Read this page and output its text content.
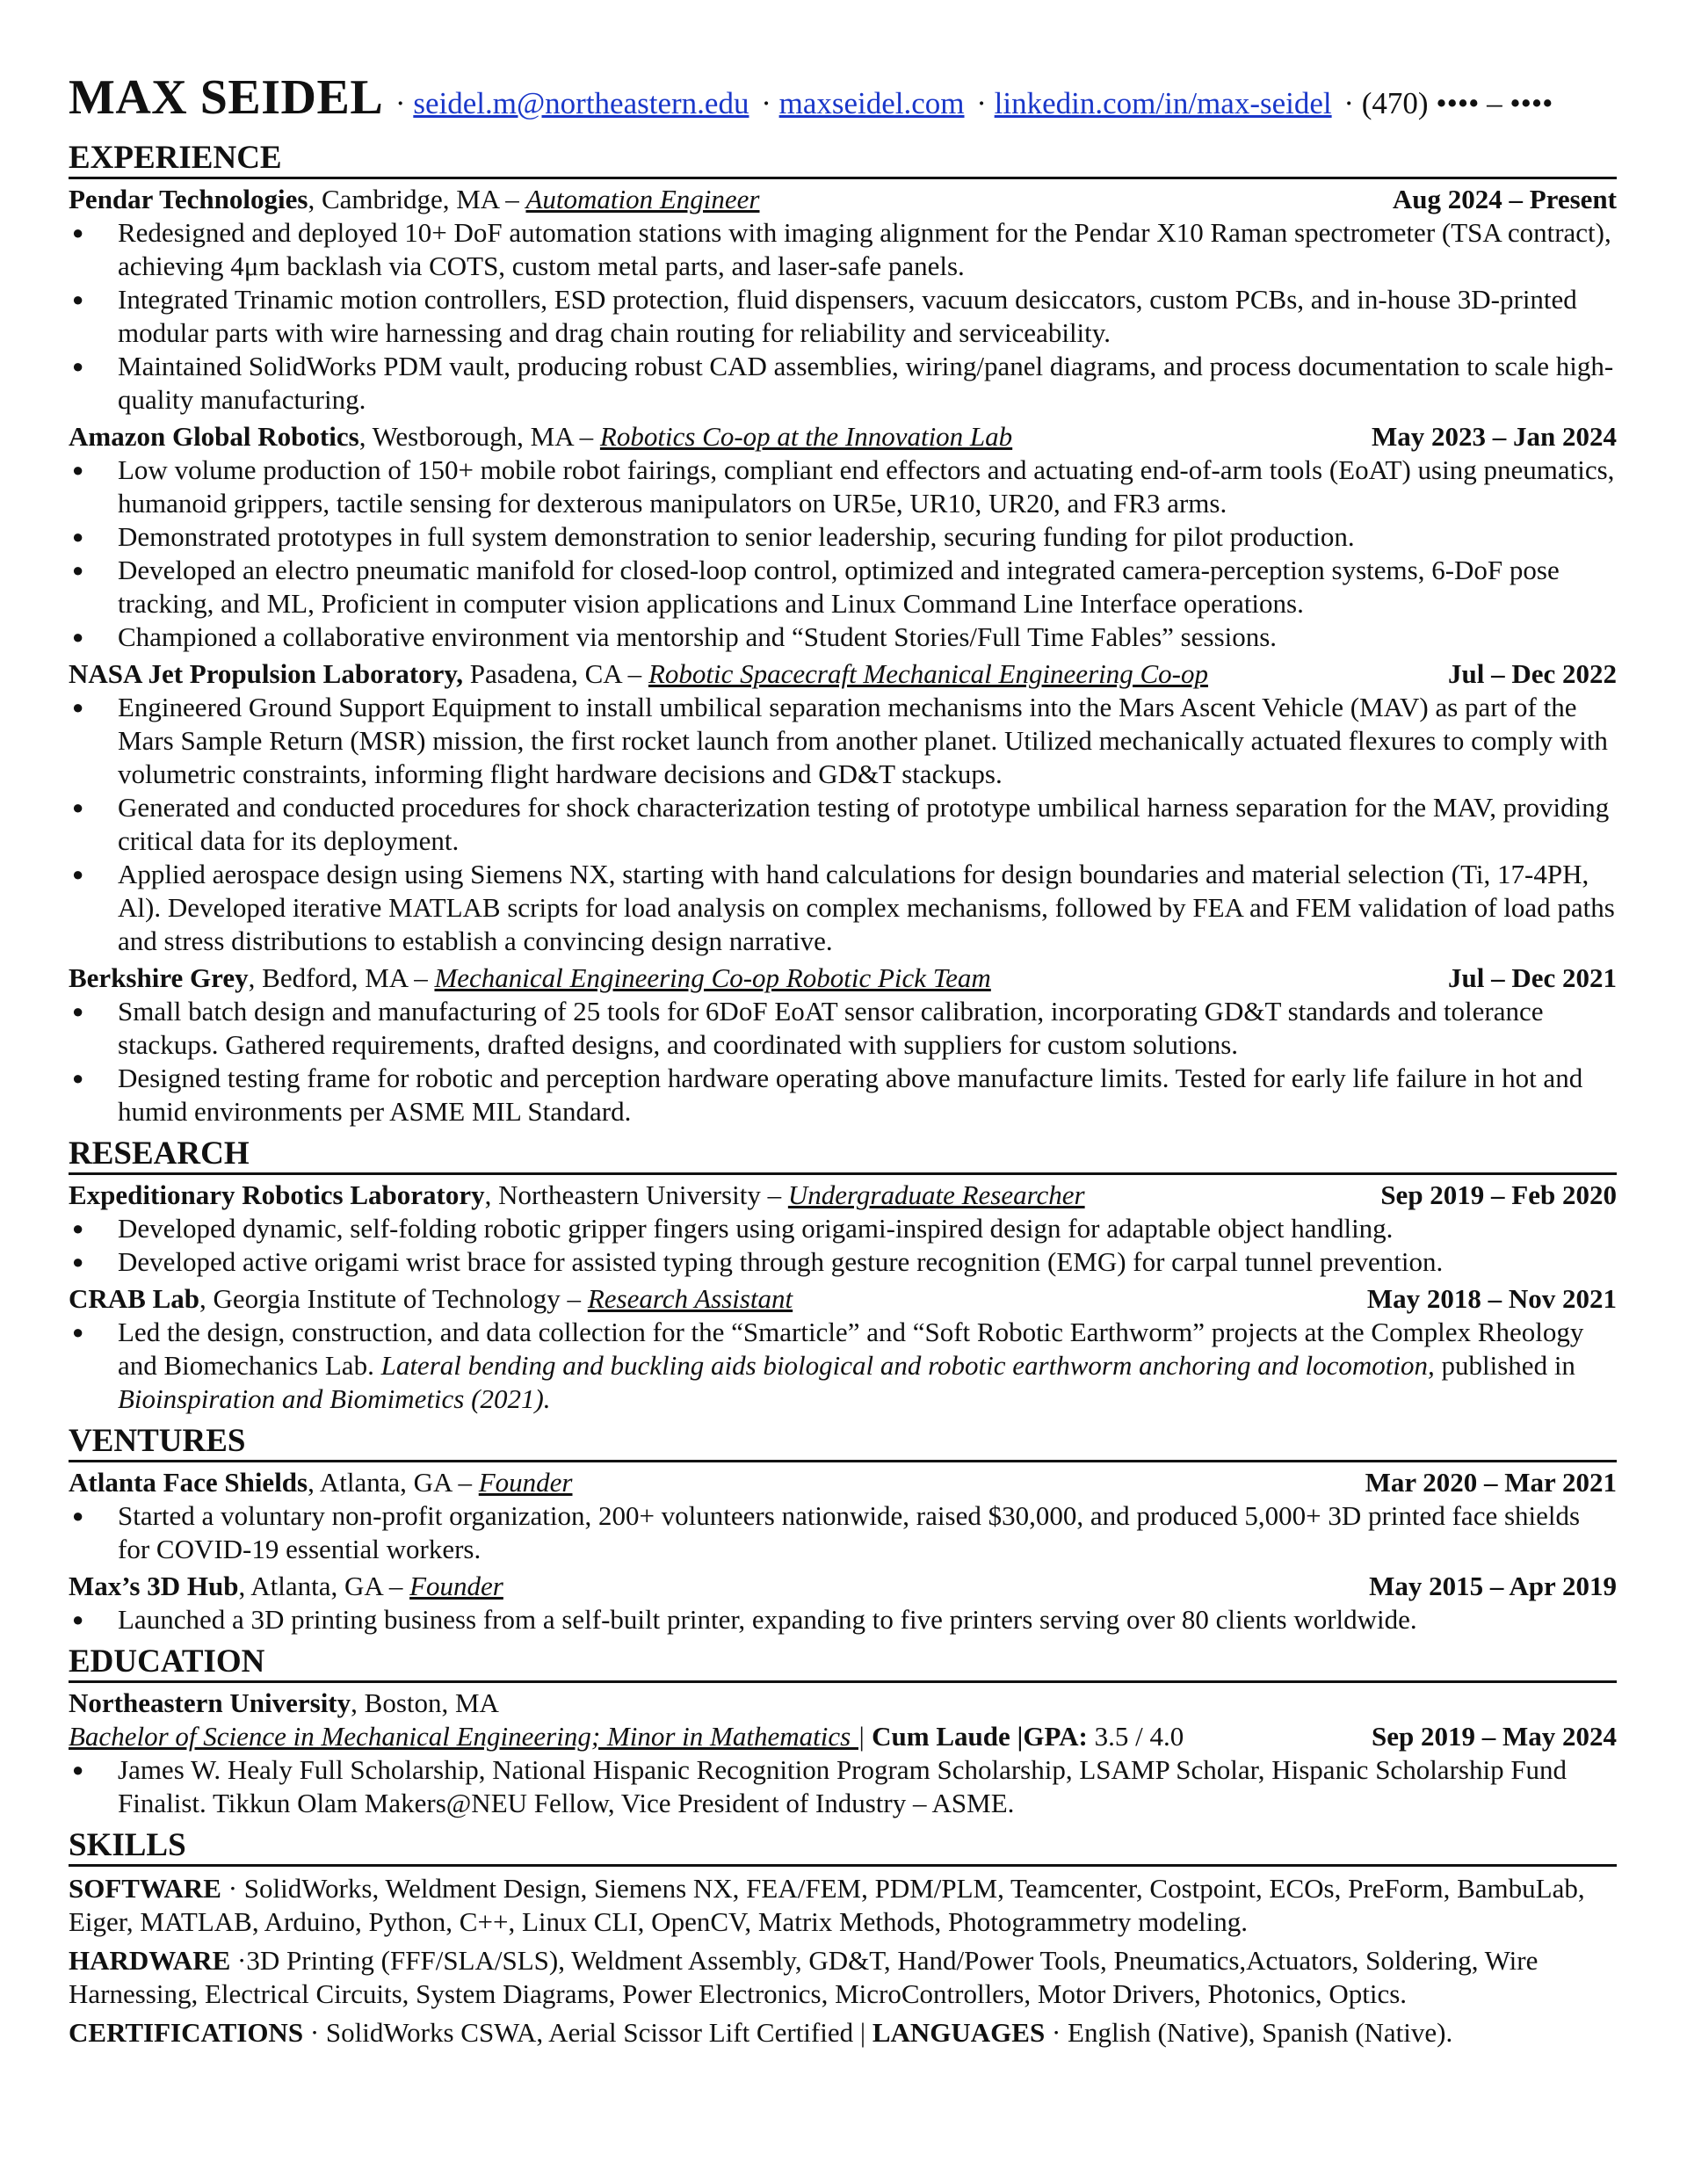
MAX SEIDEL · seidel.m@northeastern.edu · maxseidel.com · linkedin.com/in/max-seidel · (470) •••• – ••••
EXPERIENCE
Pendar Technologies, Cambridge, MA – Automation Engineer	Aug 2024 – Present
● Redesigned and deployed 10+ DoF automation stations with imaging alignment for the Pendar X10 Raman spectrometer (TSA contract), achieving 4μm backlash via COTS, custom metal parts, and laser-safe panels.
● Integrated Trinamic motion controllers, ESD protection, fluid dispensers, vacuum desiccators, custom PCBs, and in-house 3D-printed modular parts with wire harnessing and drag chain routing for reliability and serviceability.
● Maintained SolidWorks PDM vault, producing robust CAD assemblies, wiring/panel diagrams, and process documentation to scale high-quality manufacturing.
Amazon Global Robotics, Westborough, MA – Robotics Co-op at the Innovation Lab	May 2023 – Jan 2024
● Low volume production of 150+ mobile robot fairings, compliant end effectors and actuating end‑of‑arm tools (EoAT) using pneumatics, humanoid grippers, tactile sensing for dexterous manipulators on UR5e, UR10, UR20, and FR3 arms.
● Demonstrated prototypes in full system demonstration to senior leadership, securing funding for pilot production.
● Developed an electro pneumatic manifold for closed‑loop control, optimized and integrated camera-perception systems, 6-DoF pose tracking, and ML, Proficient in computer vision applications and Linux Command Line Interface operations.
● Championed a collaborative environment via mentorship and “Student Stories/Full Time Fables” sessions.
NASA Jet Propulsion Laboratory, Pasadena, CA – Robotic Spacecraft Mechanical Engineering Co-op	Jul – Dec 2022
● Engineered Ground Support Equipment to install umbilical separation mechanisms into the Mars Ascent Vehicle (MAV) as part of the Mars Sample Return (MSR) mission, the first rocket launch from another planet. Utilized mechanically actuated flexures to comply with volumetric constraints, informing flight hardware decisions and GD&T stackups.
● Generated and conducted procedures for shock characterization testing of prototype umbilical harness separation for the MAV, providing critical data for its deployment.
● Applied aerospace design using Siemens NX, starting with hand calculations for design boundaries and material selection (Ti, 17-4PH, Al). Developed iterative MATLAB scripts for load analysis on complex mechanisms, followed by FEA and FEM validation of load paths and stress distributions to establish a convincing design narrative.
Berkshire Grey, Bedford, MA – Mechanical Engineering Co-op Robotic Pick Team	Jul – Dec 2021
● Small batch design and manufacturing of 25 tools for 6DoF EoAT sensor calibration, incorporating GD&T standards and tolerance stackups. Gathered requirements, drafted designs, and coordinated with suppliers for custom solutions.
● Designed testing frame for robotic and perception hardware operating above manufacture limits. Tested for early life failure in hot and humid environments per ASME MIL Standard.
RESEARCH
Expeditionary Robotics Laboratory, Northeastern University – Undergraduate Researcher	Sep 2019 – Feb 2020
● Developed dynamic, self-folding robotic gripper fingers using origami-inspired design for adaptable object handling.
● Developed active origami wrist brace for assisted typing through gesture recognition (EMG) for carpal tunnel prevention.
CRAB Lab, Georgia Institute of Technology – Research Assistant	May 2018 – Nov 2021
● Led the design, construction, and data collection for the “Smarticle” and “Soft Robotic Earthworm” projects at the Complex Rheology and Biomechanics Lab. Lateral bending and buckling aids biological and robotic earthworm anchoring and locomotion, published in Bioinspiration and Biomimetics (2021).
VENTURES
Atlanta Face Shields, Atlanta, GA – Founder	Mar 2020 – Mar 2021
● Started a voluntary non-profit organization, 200+ volunteers nationwide, raised $30,000, and produced 5,000+ 3D printed face shields for COVID-19 essential workers.
Max’s 3D Hub, Atlanta, GA – Founder	May 2015 – Apr 2019
● Launched a 3D printing business from a self-built printer, expanding to five printers serving over 80 clients worldwide.
EDUCATION
Northeastern University, Boston, MA
Bachelor of Science in Mechanical Engineering; Minor in Mathematics | Cum Laude |GPA: 3.5 / 4.0	Sep 2019 – May 2024
● James W. Healy Full Scholarship, National Hispanic Recognition Program Scholarship, LSAMP Scholar, Hispanic Scholarship Fund Finalist. Tikkun Olam Makers@NEU Fellow, Vice President of Industry – ASME.
SKILLS
SOFTWARE · SolidWorks, Weldment Design, Siemens NX, FEA/FEM, PDM/PLM, Teamcenter, Costpoint, ECOs, PreForm, BambuLab, Eiger, MATLAB, Arduino, Python, C++, Linux CLI, OpenCV, Matrix Methods, Photogrammetry modeling.
HARDWARE ·3D Printing (FFF/SLA/SLS), Weldment Assembly, GD&T, Hand/Power Tools, Pneumatics,Actuators, Soldering, Wire Harnessing, Electrical Circuits, System Diagrams, Power Electronics, MicroControllers, Motor Drivers, Photonics, Optics.
CERTIFICATIONS · SolidWorks CSWA, Aerial Scissor Lift Certified | LANGUAGES · English (Native), Spanish (Native).
